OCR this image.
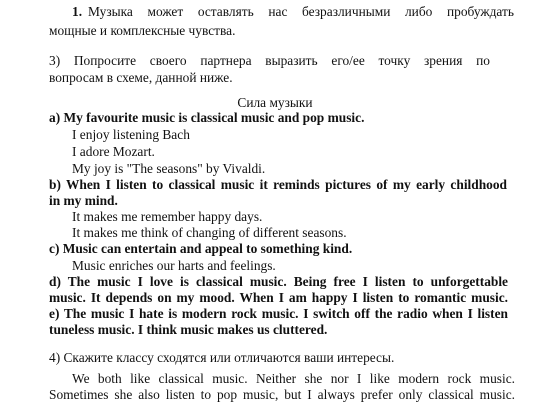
1. Музыка может оставлять нас безразличными либо пробуждать
мощные и комплексные чувства.
3) Попросите своего партнера выразить его/ее точку зрения по
вопросам в схеме, данной ниже.
Сила музыки
a) My favourite music is classical music and pop music.
I enjoy listening Bach
I adore Mozart.
My joy is "The seasons" by Vivaldi.
b) When I listen to classical music it reminds pictures of my early childhood
in my mind.
It makes me remember happy days.
It makes me think of changing of different seasons.
c) Music can entertain and appeal to something kind.
Music enriches our harts and feelings.
d) The music I love is classical music. Being free I listen to unforgettable
music. It depends on my mood. When I am happy I listen to romantic music.
e) The music I hate is modern rock music. I switch off the radio when I listen
tuneless music. I think music makes us cluttered.
4) Скажите классу сходятся или отличаются ваши интересы.
We both like classical music. Neither she nor I like modern rock music.
Sometimes she also listen to pop music, but I always prefer only classical music.
